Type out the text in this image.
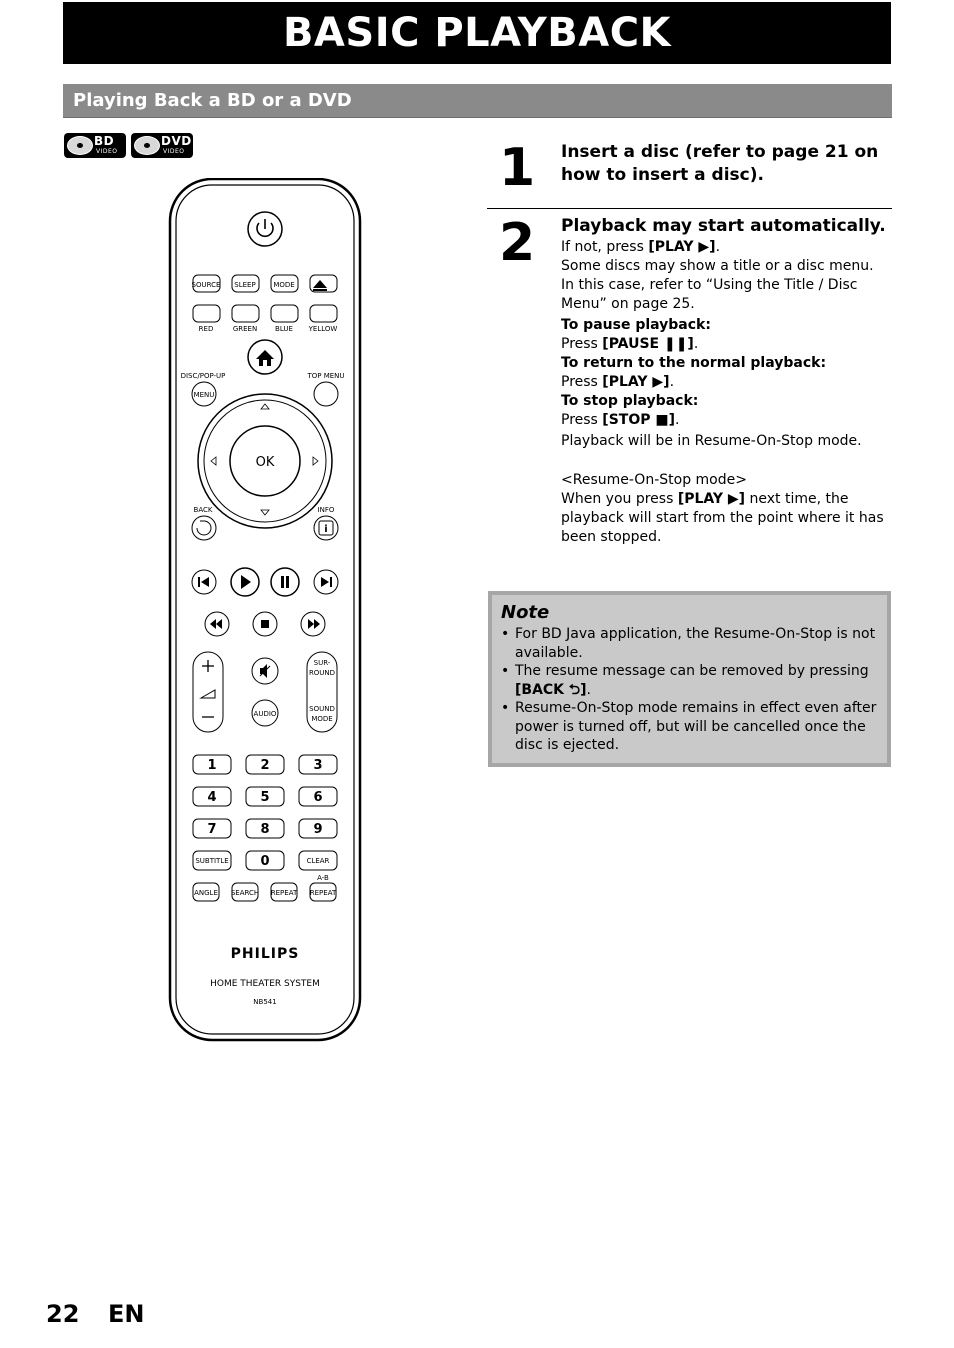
BASIC PLAYBACK
Playing Back a BD or a DVD
BD
VIDEO
DVD
VIDEO
SOURCE SLEEP	MODE
RED	GREEN	BLUE YELLOW
DISC/POP-UP
MENU
TOP MENU
OK
BACK	INFO
SUR-
ROUND
SOUND
MODE
AUDIO
1	2	3
4	5	6
7	8	9
SUBTITLE 0	CLEAR
A-B
ANGLE SEARCH REPEAT REPEAT
PHILIPS
HOME THEATER SYSTEM
NB541
i
1 Insert a disc (refer to page 21 on
how to insert a disc).
2 Playback may start automatically.

If not, press [PLAY ▶].

Some discs may show a title or a disc menu. In this case, refer to “Using the Title / Disc Menu” on page 25.

To pause playback:

Press [PAUSE ❚❚].

To return to the normal playback:

Press [PLAY ▶].

To stop playback:

Press [STOP ■].

Playback will be in Resume-On-Stop mode.

<Resume-On-Stop mode>

When you press [PLAY ▶] next time, the playback will start from the point where it has been stopped.

Note
• For BD Java application, the Resume-On-Stop is not available.
• The resume message can be removed by pressing [BACK ⮌].
• Resume-On-Stop mode remains in effect even after power is turned off, but will be cancelled once the disc is ejected.
22 EN
